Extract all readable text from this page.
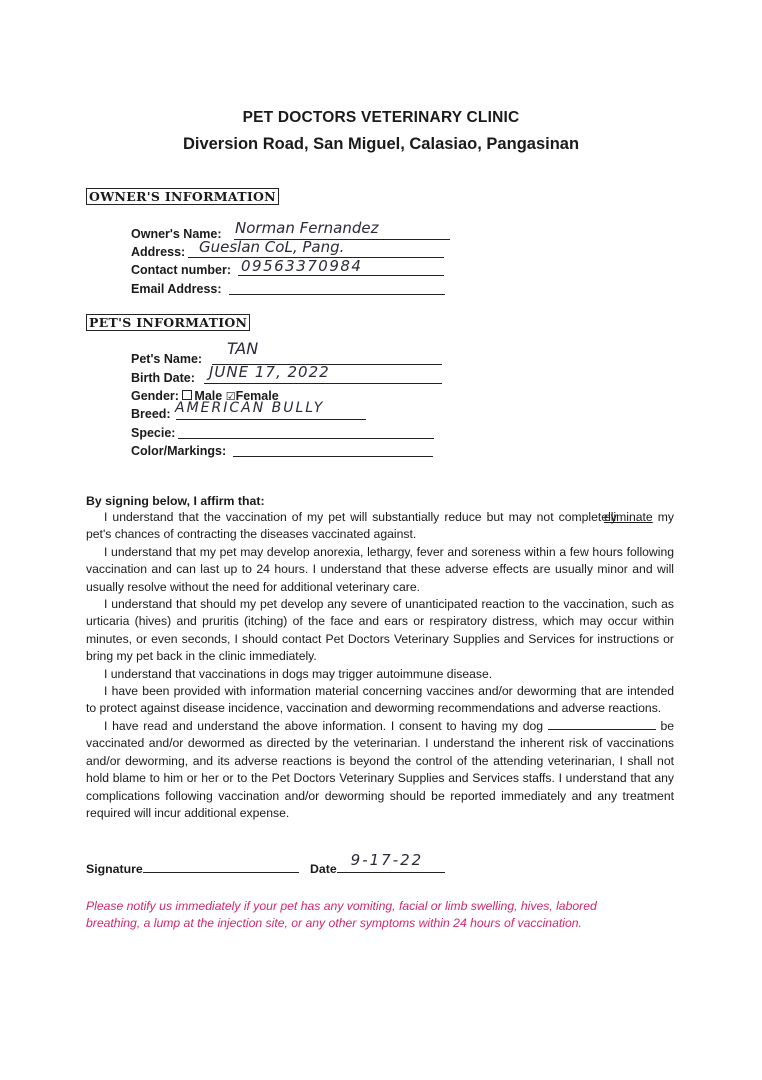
PET DOCTORS VETERINARY CLINIC
Diversion Road, San Miguel, Calasiao, Pangasinan
OWNER'S INFORMATION
Owner's Name: Norman Fernandez
Address: Gueslan CoL, Pang.
Contact number: 09563370984
Email Address:
PET'S INFORMATION
Pet's Name:
TAN
Birth Date: JUNE 17, 2022
Gender: Male ☑Female
Breed: AMERICAN BULLY
Specie:
Color/Markings:
By signing below, I affirm that:

I understand that the vaccination of my pet will substantially reduce but may not completely eliminate my pet's chances of contracting the diseases vaccinated against.

I understand that my pet may develop anorexia, lethargy, fever and soreness within a few hours following vaccination and can last up to 24 hours. I understand that these adverse effects are usually minor and will usually resolve without the need for additional veterinary care.

I understand that should my pet develop any severe of unanticipated reaction to the vaccination, such as urticaria (hives) and pruritis (itching) of the face and ears or respiratory distress, which may occur within minutes, or even seconds, I should contact Pet Doctors Veterinary Supplies and Services for instructions or bring my pet back in the clinic immediately.

I understand that vaccinations in dogs may trigger autoimmune disease.

I have been provided with information material concerning vaccines and/or deworming that are intended to protect against disease incidence, vaccination and deworming recommendations and adverse reactions.

I have read and understand the above information. I consent to having my dog	be vaccinated and/or dewormed as directed by the veterinarian. I understand the inherent risk of vaccinations and/or deworming, and its adverse reactions is beyond the control of the attending veterinarian, I shall not hold blame to him or her or to the Pet Doctors Veterinary Supplies and Services staffs. I understand that any complications following vaccination and/or deworming should be reported immediately and any treatment required will incur additional expense.

Signature	Date 9-17-22
Please notify us immediately if your pet has any vomiting, facial or limb swelling, hives, labored breathing, a lump at the injection site, or any other symptoms within 24 hours of vaccination.
